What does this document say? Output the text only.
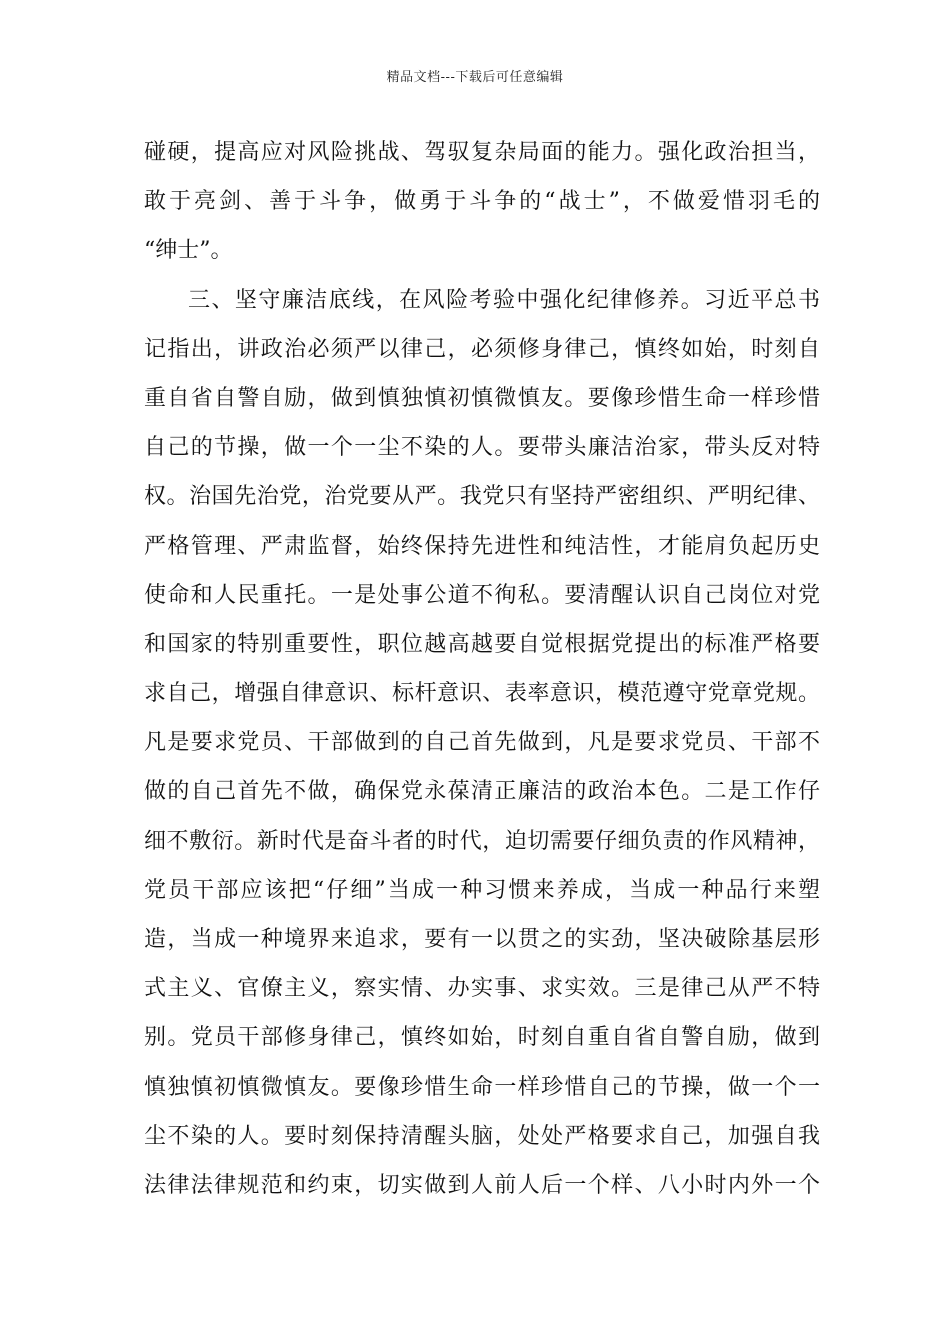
精品文档---下载后可任意编辑
碰硬，提高应对风险挑战、驾驭复杂局面的能力。强化政治担当，
敢于亮剑、善于斗争，做勇于斗争的“战士”，不做爱惜羽毛的
“绅士”。
三、坚守廉洁底线，在风险考验中强化纪律修养。习近平总书
记指出，讲政治必须严以律己，必须修身律己，慎终如始，时刻自
重自省自警自励，做到慎独慎初慎微慎友。要像珍惜生命一样珍惜
自己的节操，做一个一尘不染的人。要带头廉洁治家，带头反对特
权。治国先治党，治党要从严。我党只有坚持严密组织、严明纪律、
严格管理、严肃监督，始终保持先进性和纯洁性，才能肩负起历史
使命和人民重托。一是处事公道不徇私。要清醒认识自己岗位对党
和国家的特别重要性，职位越高越要自觉根据党提出的标准严格要
求自己，增强自律意识、标杆意识、表率意识，模范遵守党章党规。
凡是要求党员、干部做到的自己首先做到，凡是要求党员、干部不
做的自己首先不做，确保党永葆清正廉洁的政治本色。二是工作仔
细不敷衍。新时代是奋斗者的时代，迫切需要仔细负责的作风精神，
党员干部应该把“仔细”当成一种习惯来养成，当成一种品行来塑
造，当成一种境界来追求，要有一以贯之的实劲，坚决破除基层形
式主义、官僚主义，察实情、办实事、求实效。三是律己从严不特
别。党员干部修身律己，慎终如始，时刻自重自省自警自励，做到
慎独慎初慎微慎友。要像珍惜生命一样珍惜自己的节操，做一个一
尘不染的人。要时刻保持清醒头脑，处处严格要求自己，加强自我
法律法律规范和约束，切实做到人前人后一个样、八小时内外一个
